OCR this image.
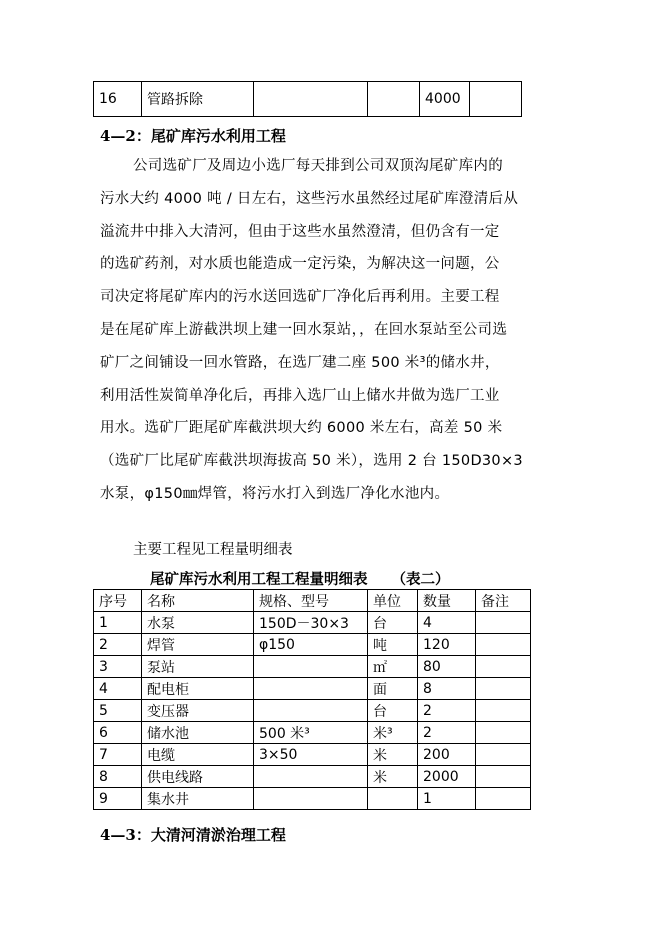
16	管路拆除			4000	
4—2：尾矿库污水利用工程
公司选矿厂及周边小选厂每天排到公司双顶沟尾矿库内的
污水大约 4000 吨 / 日左右，这些污水虽然经过尾矿库澄清后从
溢流井中排入大清河，但由于这些水虽然澄清，但仍含有一定
的选矿药剂，对水质也能造成一定污染，为解决这一问题，公
司决定将尾矿库内的污水送回选矿厂净化后再利用。主要工程
是在尾矿库上游截洪坝上建一回水泵站，，在回水泵站至公司选
矿厂之间铺设一回水管路，在选厂建二座 500 米³的储水井，
利用活性炭简单净化后，再排入选厂山上储水井做为选厂工业
用水。选矿厂距尾矿库截洪坝大约 6000 米左右，高差 50 米
（选矿厂比尾矿库截洪坝海拔高 50 米），选用 2 台 150D30×3
水泵，φ150㎜焊管，将污水打入到选厂净化水池内。
主要工程见工程量明细表
尾矿库污水利用工程工程量明细表 （表二）
序号	名称	规格、型号	单位	数量	备注
1	水泵	150D－30×3	台	4	
2	焊管	φ150	吨	120	
3	泵站		㎡	80	
4	配电柜		面	8	
5	变压器		台	2	
6	储水池	500 米³	米³	2	
7	电缆	3×50	米	200	
8	供电线路		米	2000	
9	集水井			1	
4—3：大清河清淤治理工程
